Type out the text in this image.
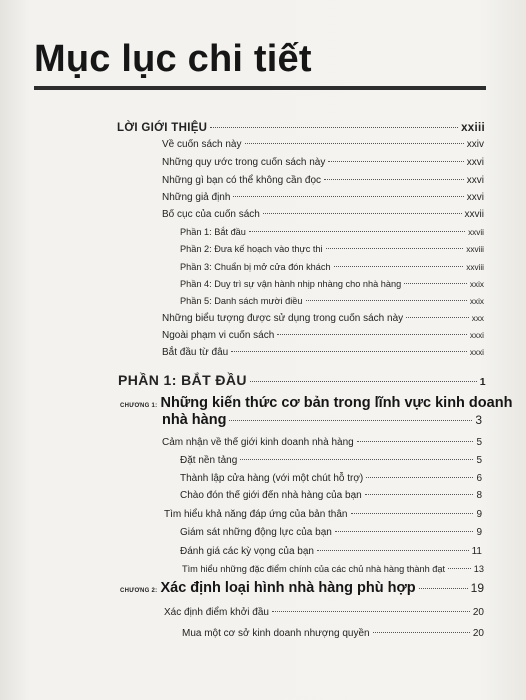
Mục lục chi tiết
LỜI GIỚI THIỆU	xxiii
Về cuốn sách này	xxiv
Những quy ước trong cuốn sách này	xxvi
Những gì bạn có thể không cần đọc	xxvi
Những giả định	xxvi
Bố cục của cuốn sách	xxvii
Phần 1: Bắt đầu	xxvii
Phần 2: Đưa kế hoạch vào thực thi	xxviii
Phần 3: Chuẩn bị mở cửa đón khách	xxviii
Phần 4: Duy trì sự vận hành nhịp nhàng cho nhà hàng	xxix
Phần 5: Danh sách mười điều	xxix
Những biểu tượng được sử dụng trong cuốn sách này	xxx
Ngoài phạm vi cuốn sách	xxxi
Bắt đầu từ đâu	xxxi
PHẦN 1: BẮT ĐẦU	1
CHƯƠNG 1: Những kiến thức cơ bản trong lĩnh vực kinh doanh
nhà hàng	3
Cảm nhận về thế giới kinh doanh nhà hàng	5
Đặt nền tảng	5
Thành lập cửa hàng (với một chút hỗ trợ)	6
Chào đón thế giới đến nhà hàng của bạn	8
Tìm hiểu khả năng đáp ứng của bản thân	9
Giám sát những động lực của bạn	9
Đánh giá các kỳ vọng của bạn	11
Tìm hiểu những đặc điểm chính của các chủ nhà hàng thành đạt	13
CHƯƠNG 2: Xác định loại hình nhà hàng phù hợp	19
Xác định điểm khởi đầu	20
Mua một cơ sở kinh doanh nhượng quyền	20
